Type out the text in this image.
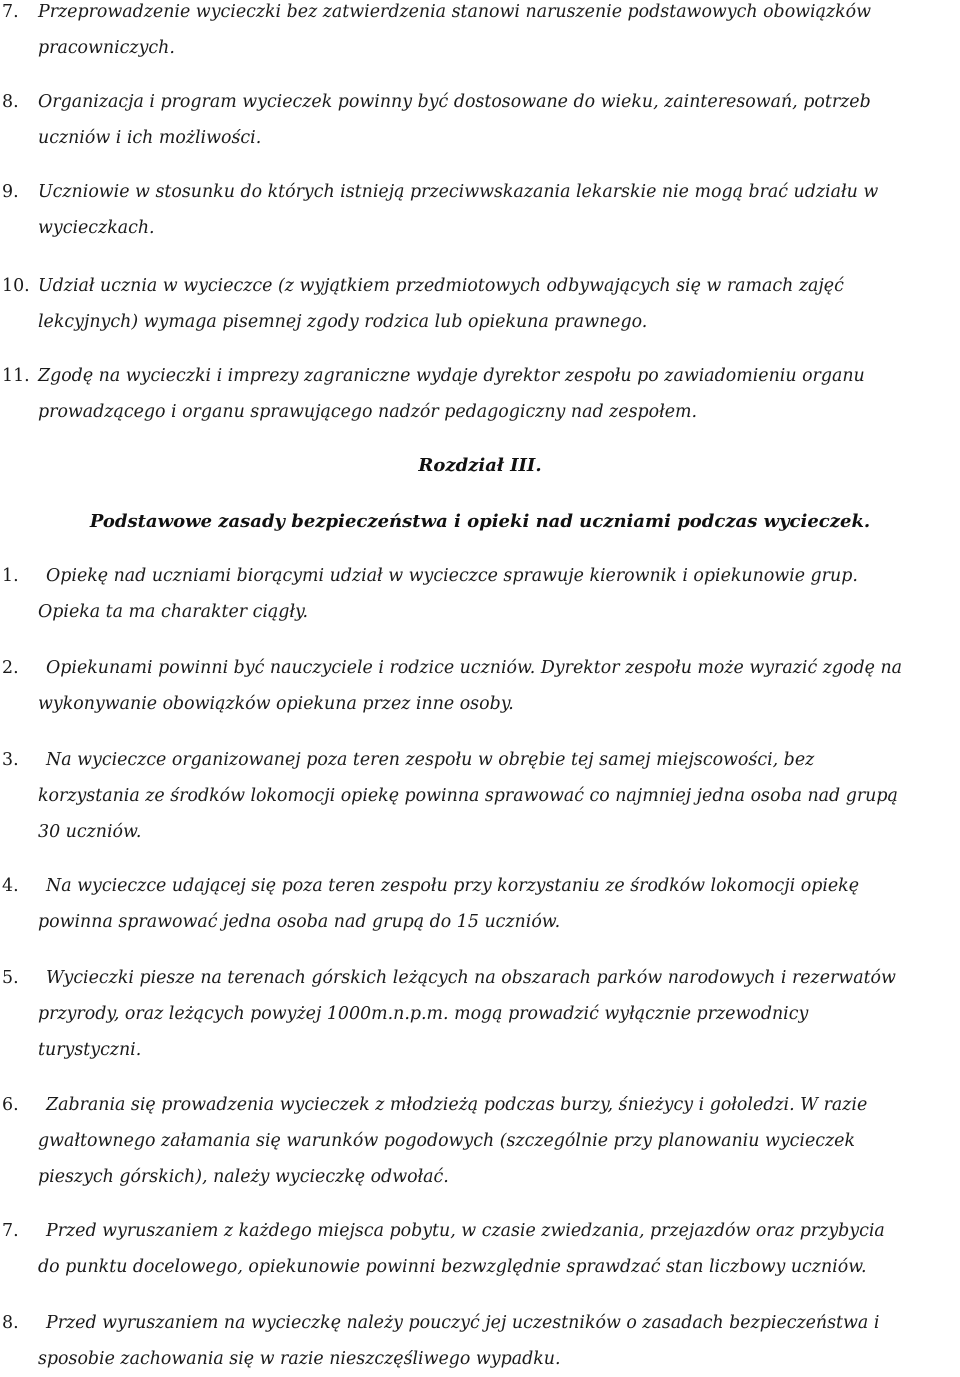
7. Przeprowadzenie wycieczki bez zatwierdzenia stanowi naruszenie podstawowych obowiązków
pracowniczych.
8. Organizacja i program wycieczek powinny być dostosowane do wieku, zainteresowań, potrzeb
uczniów i ich możliwości.
9. Uczniowie w stosunku do których istnieją przeciwwskazania lekarskie nie mogą brać udziału w
wycieczkach.
10. Udział ucznia w wycieczce (z wyjątkiem przedmiotowych odbywających się w ramach zajęć
lekcyjnych) wymaga pisemnej zgody rodzica lub opiekuna prawnego.
11. Zgodę na wycieczki i imprezy zagraniczne wydaje dyrektor zespołu po zawiadomieniu organu
prowadzącego i organu sprawującego nadzór pedagogiczny nad zespołem.
Rozdział III.
Podstawowe zasady bezpieczeństwa i opieki nad uczniami podczas wycieczek.
1. Opiekę nad uczniami biorącymi udział w wycieczce sprawuje kierownik i opiekunowie grup.
Opieka ta ma charakter ciągły.
2. Opiekunami powinni być nauczyciele i rodzice uczniów. Dyrektor zespołu może wyrazić zgodę na
wykonywanie obowiązków opiekuna przez inne osoby.
3. Na wycieczce organizowanej poza teren zespołu w obrębie tej samej miejscowości, bez
korzystania ze środków lokomocji opiekę powinna sprawować co najmniej jedna osoba nad grupą
30 uczniów.
4. Na wycieczce udającej się poza teren zespołu przy korzystaniu ze środków lokomocji opiekę
powinna sprawować jedna osoba nad grupą do 15 uczniów.
5. Wycieczki piesze na terenach górskich leżących na obszarach parków narodowych i rezerwatów
przyrody, oraz leżących powyżej 1000m.n.p.m. mogą prowadzić wyłącznie przewodnicy
turystyczni.
6. Zabrania się prowadzenia wycieczek z młodzieżą podczas burzy, śnieżycy i gołoledzi. W razie
gwałtownego załamania się warunków pogodowych (szczególnie przy planowaniu wycieczek
pieszych górskich), należy wycieczkę odwołać.
7. Przed wyruszaniem z każdego miejsca pobytu, w czasie zwiedzania, przejazdów oraz przybycia
do punktu docelowego, opiekunowie powinni bezwzględnie sprawdzać stan liczbowy uczniów.
8. Przed wyruszaniem na wycieczkę należy pouczyć jej uczestników o zasadach bezpieczeństwa i
sposobie zachowania się w razie nieszczęśliwego wypadku.
